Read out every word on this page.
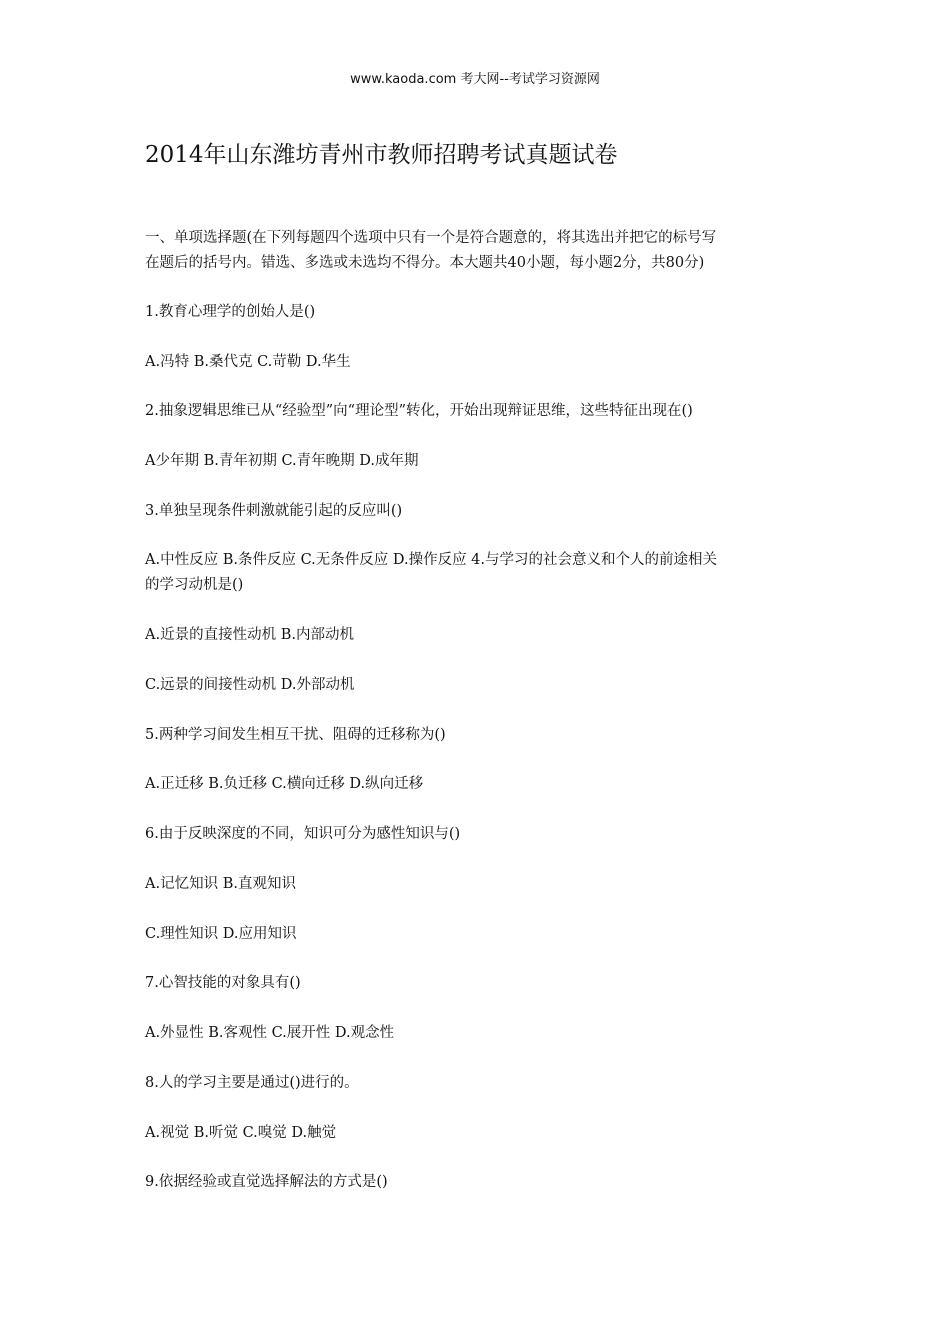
www.kaoda.com 考大网--考试学习资源网
2014年山东潍坊青州市教师招聘考试真题试卷
一、单项选择题(在下列每题四个选项中只有一个是符合题意的，将其选出并把它的标号写
在题后的括号内。错选、多选或未选均不得分。本大题共40小题，每小题2分，共80分)
1.教育心理学的创始人是()
A.冯特 B.桑代克 C.苛勒 D.华生
2.抽象逻辑思维已从“经验型”向“理论型”转化，开始出现辩证思维，这些特征出现在()
A少年期 B.青年初期 C.青年晚期 D.成年期
3.单独呈现条件刺激就能引起的反应叫()
A.中性反应 B.条件反应 C.无条件反应 D.操作反应 4.与学习的社会意义和个人的前途相关
的学习动机是()
A.近景的直接性动机 B.内部动机
C.远景的间接性动机 D.外部动机
5.两种学习间发生相互干扰、阻碍的迁移称为()
A.正迁移 B.负迁移 C.横向迁移 D.纵向迁移
6.由于反映深度的不同，知识可分为感性知识与()
A.记忆知识 B.直观知识
C.理性知识 D.应用知识
7.心智技能的对象具有()
A.外显性 B.客观性 C.展开性 D.观念性
8.人的学习主要是通过()进行的。
A.视觉 B.听觉 C.嗅觉 D.触觉
9.依据经验或直觉选择解法的方式是()
